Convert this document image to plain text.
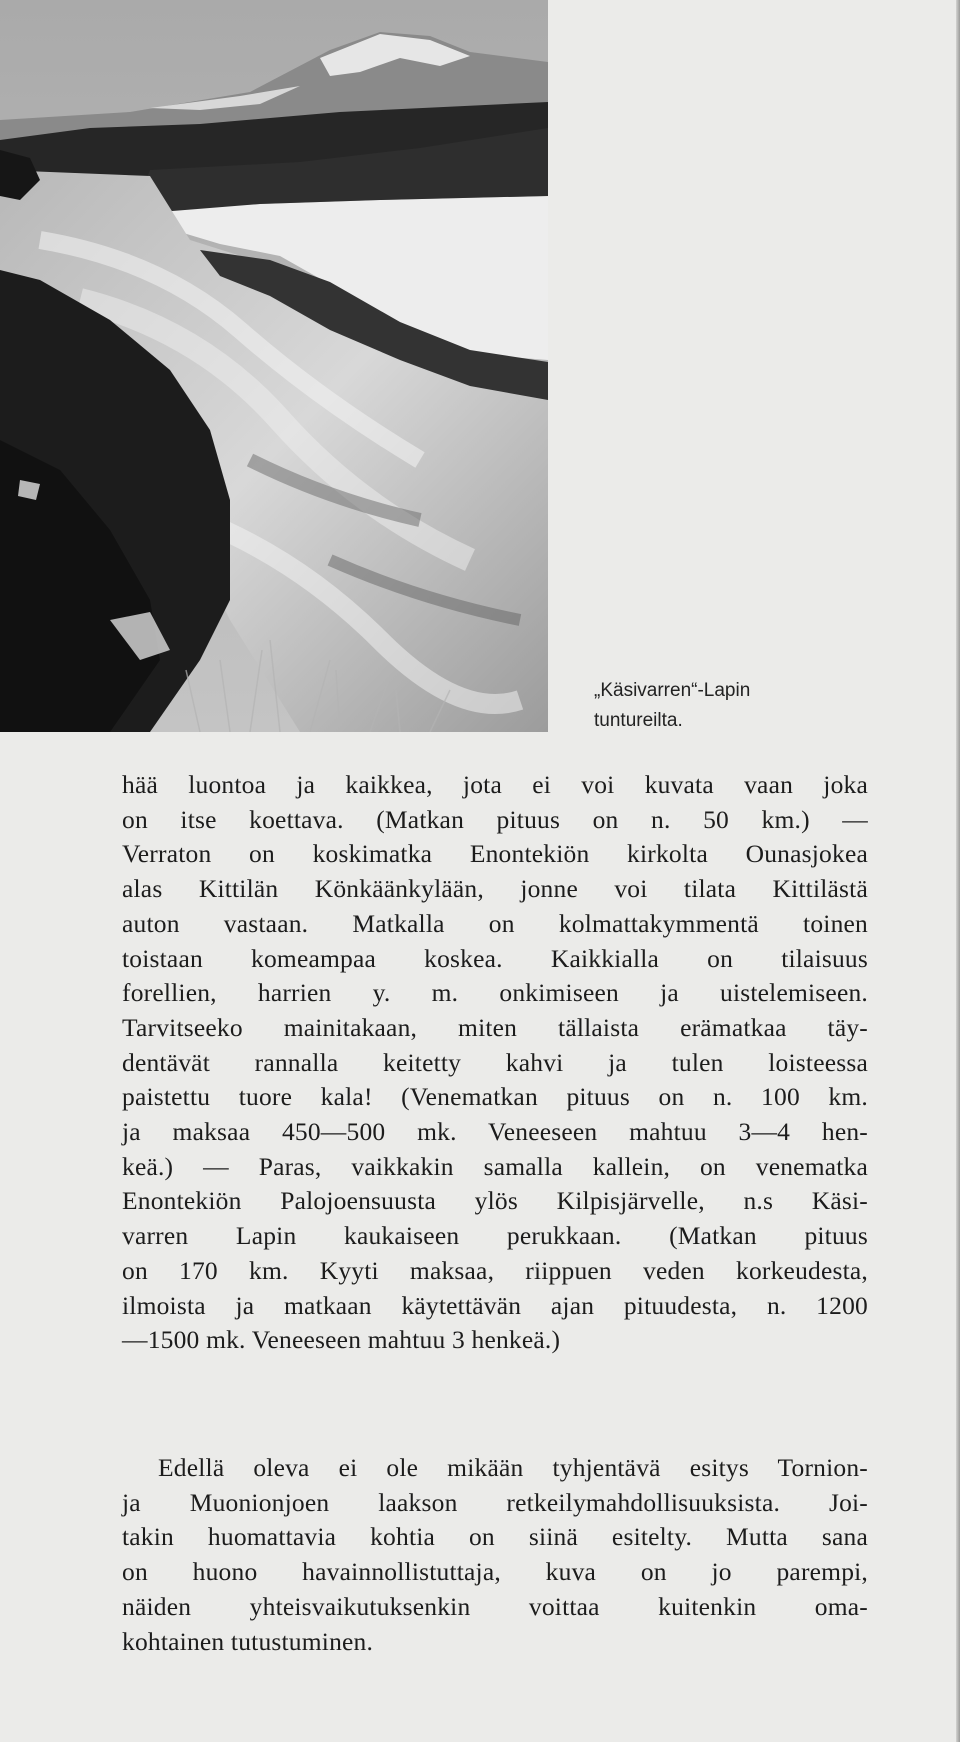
„Käsivarren“-Lapin
tuntureilta.

hää luontoa ja kaikkea, jota ei voi kuvata vaan joka

on itse koettava. (Matkan pituus on n. 50 km.) —

Verraton on koskimatka Enontekiön kirkolta Ounasjokea

alas Kittilän Könkäänkylään, jonne voi tilata Kittilästä

auton vastaan. Matkalla on kolmattakymmentä toinen

toistaan komeampaa koskea. Kaikkialla on tilaisuus

forellien, harrien y. m. onkimiseen ja uistelemiseen.

Tarvitseeko mainitakaan, miten tällaista erämatkaa täy-

dentävät rannalla keitetty kahvi ja tulen loisteessa

paistettu tuore kala! (Venematkan pituus on n. 100 km.

ja maksaa 450—500 mk. Veneeseen mahtuu 3—4 hen-

keä.) — Paras, vaikkakin samalla kallein, on venematka

Enontekiön Palojoensuusta ylös Kilpisjärvelle, n.s Käsi-

varren Lapin kaukaiseen perukkaan. (Matkan pituus

on 170 km. Kyyti maksaa, riippuen veden korkeudesta,

ilmoista ja matkaan käytettävän ajan pituudesta, n. 1200

—1500 mk. Veneeseen mahtuu 3 henkeä.)

Edellä oleva ei ole mikään tyhjentävä esitys Tornion-

ja Muonionjoen laakson retkeilymahdollisuuksista. Joi-

takin huomattavia kohtia on siinä esitelty. Mutta sana

on huono havainnollistuttaja, kuva on jo parempi,

näiden yhteisvaikutuksenkin voittaa kuitenkin oma-

kohtainen tutustuminen.
